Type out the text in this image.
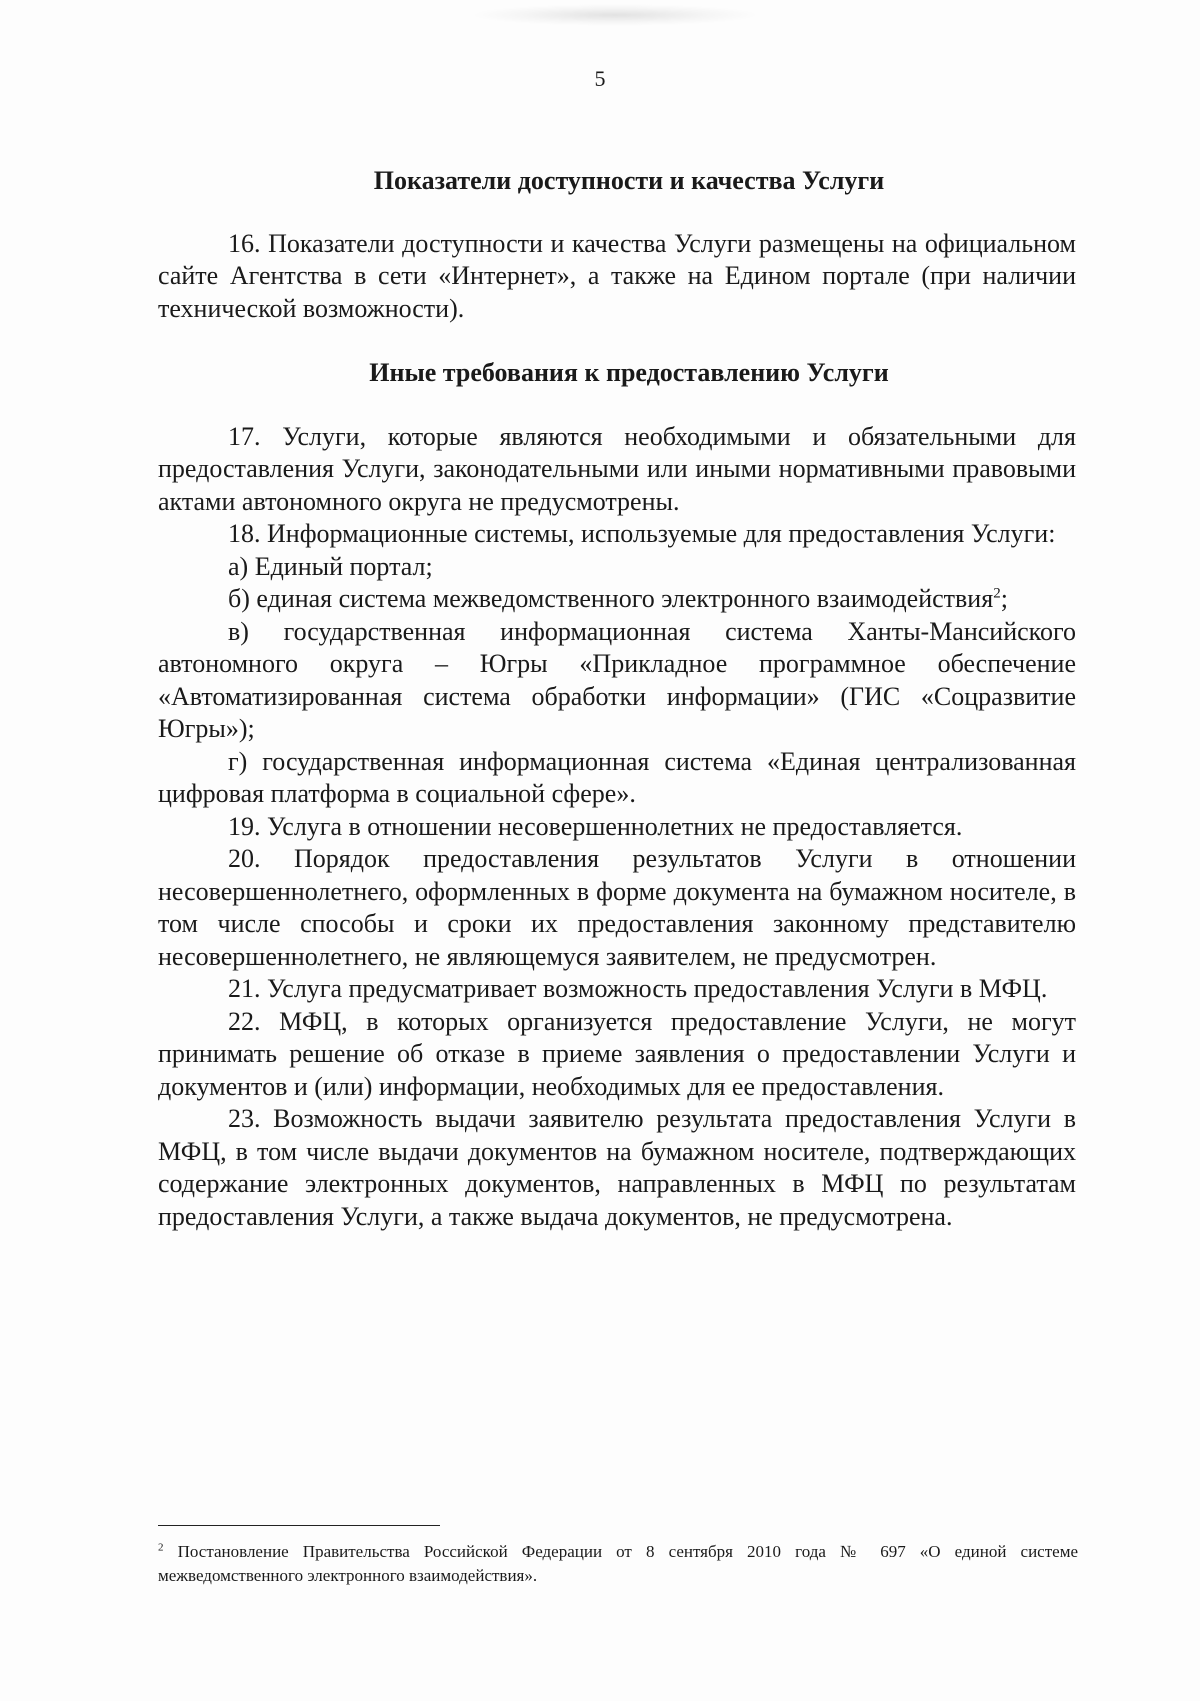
5

Показатели доступности и качества Услуги

16. Показатели доступности и качества Услуги размещены на официальном сайте Агентства в сети «Интернет», а также на Едином портале (при наличии технической возможности).

Иные требования к предоставлению Услуги

17. Услуги, которые являются необходимыми и обязательными для предоставления Услуги, законодательными или иными нормативными правовыми актами автономного округа не предусмотрены.

18. Информационные системы, используемые для предоставления Услуги:

а) Единый портал;

б) единая система межведомственного электронного взаимодействия$^2$;

в) государственная информационная система Ханты-Мансийского автономного округа – Югры «Прикладное программное обеспечение «Автоматизированная система обработки информации» (ГИС «Соцразвитие Югры»);

г) государственная информационная система «Единая централизованная цифровая платформа в социальной сфере».

19. Услуга в отношении несовершеннолетних не предоставляется.

20. Порядок предоставления результатов Услуги в отношении несовершеннолетнего, оформленных в форме документа на бумажном носителе, в том числе способы и сроки их предоставления законному представителю несовершеннолетнего, не являющемуся заявителем, не предусмотрен.

21. Услуга предусматривает возможность предоставления Услуги в МФЦ.

22. МФЦ, в которых организуется предоставление Услуги, не могут принимать решение об отказе в приеме заявления о предоставлении Услуги и документов и (или) информации, необходимых для ее предоставления.

23. Возможность выдачи заявителю результата предоставления Услуги в МФЦ, в том числе выдачи документов на бумажном носителе, подтверждающих содержание электронных документов, направленных в МФЦ по результатам предоставления Услуги, а также выдача документов, не предусмотрена.

$^2$ Постановление Правительства Российской Федерации от 8 сентября 2010 года № 697 «О единой системе межведомственного электронного взаимодействия».
